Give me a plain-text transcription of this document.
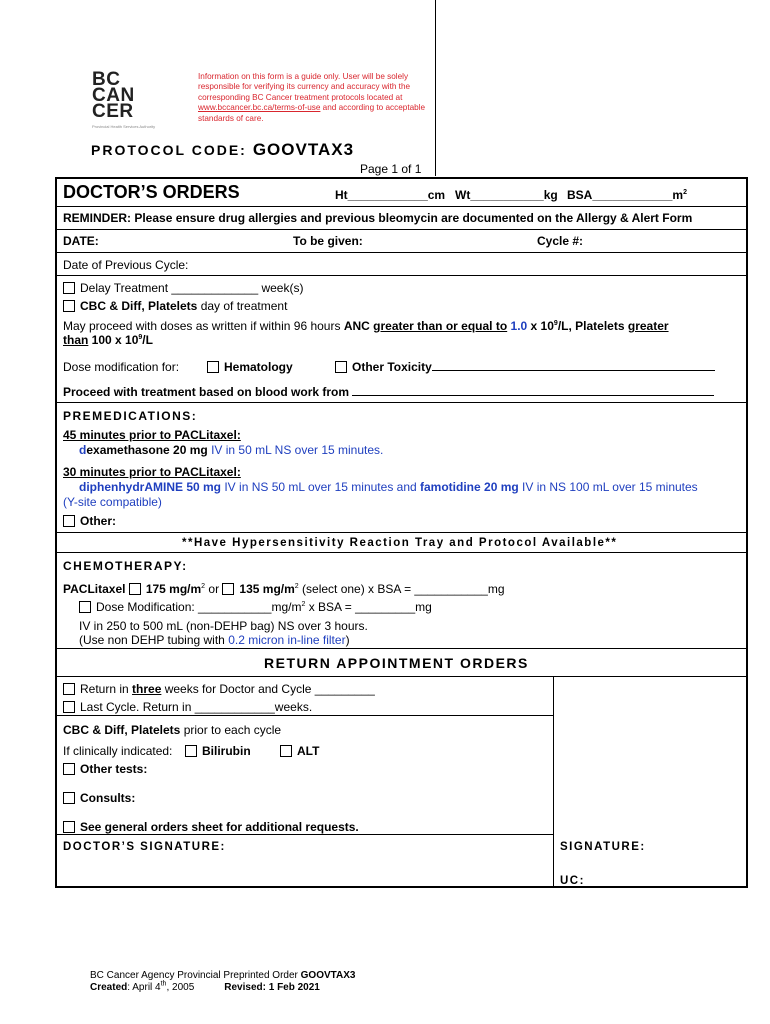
BC
CAN
CER
Provincial Health Services Authority
Information on this form is a guide only. User will be solely responsible for verifying its currency and accuracy with the corresponding BC Cancer treatment protocols located at www.bccancer.bc.ca/terms-of-use and according to acceptable standards of care.
PROTOCOL CODE: GOOVTAX3
Page 1 of 1
DOCTOR’S ORDERS	Ht____________cm Wt___________kg $BSA\_\_\_\_\_\_\_\_\_\_\_\_m^2$
REMINDER: Please ensure drug allergies and previous bleomycin are documented on the Allergy & Alert Form
DATE:	To be given:	Cycle #:
Date of Previous Cycle:
Delay Treatment _____________ week(s)
CBC & Diff, Platelets day of treatment
May proceed with doses as written if within 96 hours ANC greater than or equal to 1.0 x $10^9/L$, Platelets greater
than 100 x $10^9/L$
Dose modification for:	Hematology	Other Toxicity
Proceed with treatment based on blood work from
PREMEDICATIONS:
45 minutes prior to PACLitaxel:
dexamethasone 20 mg IV in 50 mL NS over 15 minutes.
30 minutes prior to PACLitaxel:
diphenhydrAMINE 50 mg IV in NS 50 mL over 15 minutes and famotidine 20 mg IV in NS 100 mL over 15 minutes
(Y-site compatible)
Other:
**Have Hypersensitivity Reaction Tray and Protocol Available**
CHEMOTHERAPY:
PACLitaxel 175 $mg/m^2$ or 135 $mg/m^2$ (select one) x BSA = ___________mg
Dose Modification: $\_\_\_\_\_\_\_\_\_\_\_mg/m^2$ x BSA = _________mg
IV in 250 to 500 mL (non-DEHP bag) NS over 3 hours.
(Use non DEHP tubing with 0.2 micron in-line filter)
RETURN APPOINTMENT ORDERS
Return in three weeks for Doctor and Cycle _________
Last Cycle. Return in ____________weeks.
CBC & Diff, Platelets prior to each cycle
If clinically indicated:	Bilirubin	ALT
Other tests:
Consults:
See general orders sheet for additional requests.
DOCTOR’S SIGNATURE:	SIGNATURE:
UC:
BC Cancer Agency Provincial Preprinted Order GOOVTAX3
Created: April 4th, 2005	Revised: 1 Feb 2021
